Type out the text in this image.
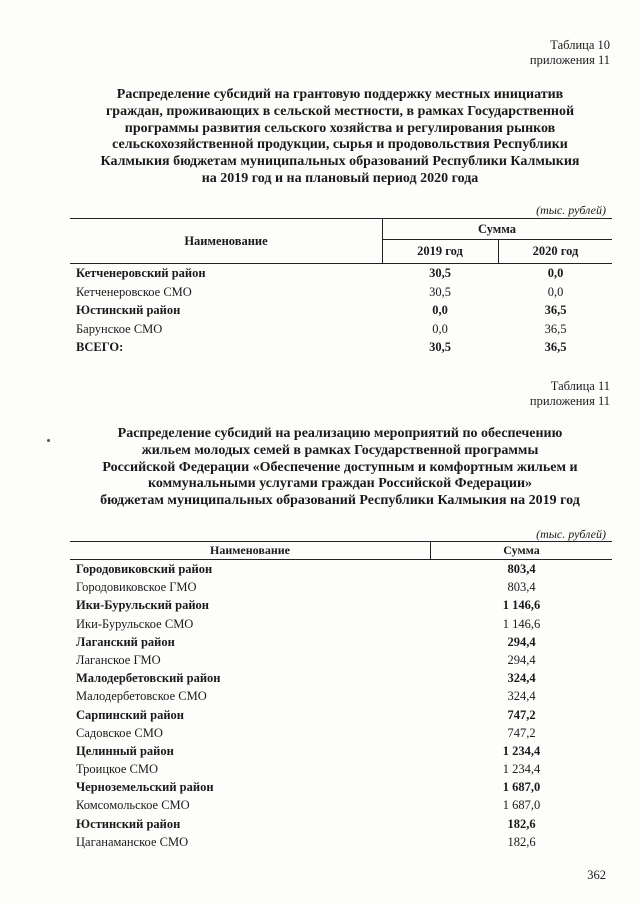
Таблица 10
приложения 11
Распределение субсидий на грантовую поддержку местных инициатив
граждан, проживающих в сельской местности, в рамках Государственной
программы развития сельского хозяйства и регулирования рынков
сельскохозяйственной продукции, сырья и продовольствия Республики
Калмыкия бюджетам муниципальных образований Республики Калмыкия
на 2019 год и на плановый период 2020 года
(тыс. рублей)
Наименование
Сумма
2019 год	2020 год
Кетченеровский район	30,5	0,0
Кетченеровское СМО	30,5	0,0
Юстинский район	0,0	36,5
Барунское СМО	0,0	36,5
ВСЕГО:	30,5	36,5
Таблица 11
приложения 11
Распределение субсидий на реализацию мероприятий по обеспечению
жильем молодых семей в рамках Государственной программы
Российской Федерации «Обеспечение доступным и комфортным жильем и
коммунальными услугами граждан Российской Федерации»
бюджетам муниципальных образований Республики Калмыкия на 2019 год
(тыс. рублей)
Наименование	Сумма
Городовиковский район	803,4
Городовиковское ГМО	803,4
Ики-Бурульский район	1 146,6
Ики-Бурульское СМО	1 146,6
Лаганский район	294,4
Лаганское ГМО	294,4
Малодербетовский район	324,4
Малодербетовское СМО	324,4
Сарпинский район	747,2
Садовское СМО	747,2
Целинный район	1 234,4
Троицкое СМО	1 234,4
Черноземельский район	1 687,0
Комсомольское СМО	1 687,0
Юстинский район	182,6
Цаганаманское СМО	182,6
362
